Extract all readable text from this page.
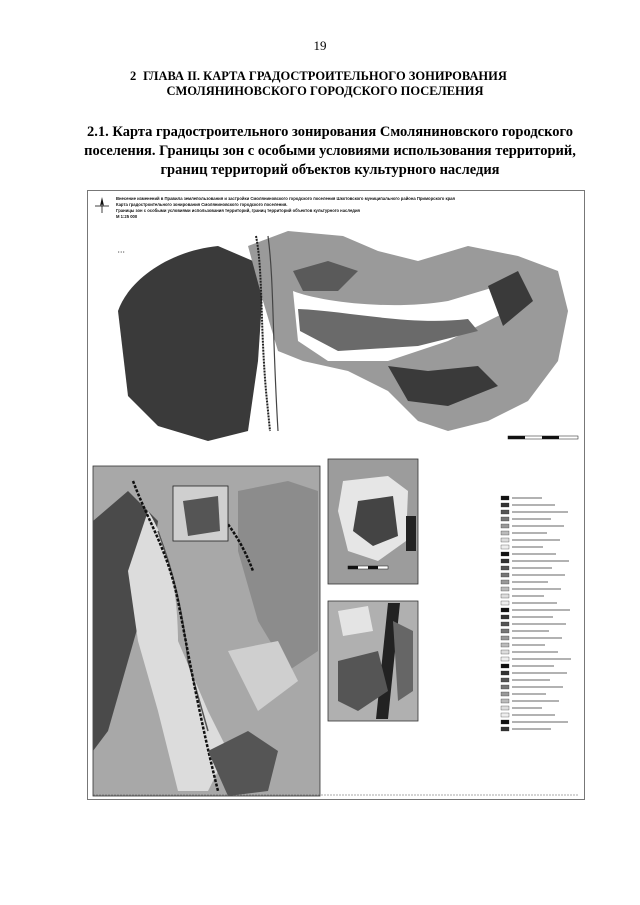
19
2 ГЛАВА II. КАРТА ГРАДОСТРОИТЕЛЬНОГО ЗОНИРОВАНИЯ
СМОЛЯНИНОВСКОГО ГОРОДСКОГО ПОСЕЛЕНИЯ
2.1. Карта градостроительного зонирования Смоляниновского городского
поселения. Границы зон с особыми условиями использования территорий,
границ территорий объектов культурного наследия
Внесение изменений в Правила землепользования и застройки Смоляниновского городского поселения Шкотовского муниципального района Приморского края
Карта градостроительного зонирования Смоляниновского городского поселения.
Границы зон с особыми условиями использования территорий, границ территорий объектов культурного наследия
М 1:25 000
• • •
